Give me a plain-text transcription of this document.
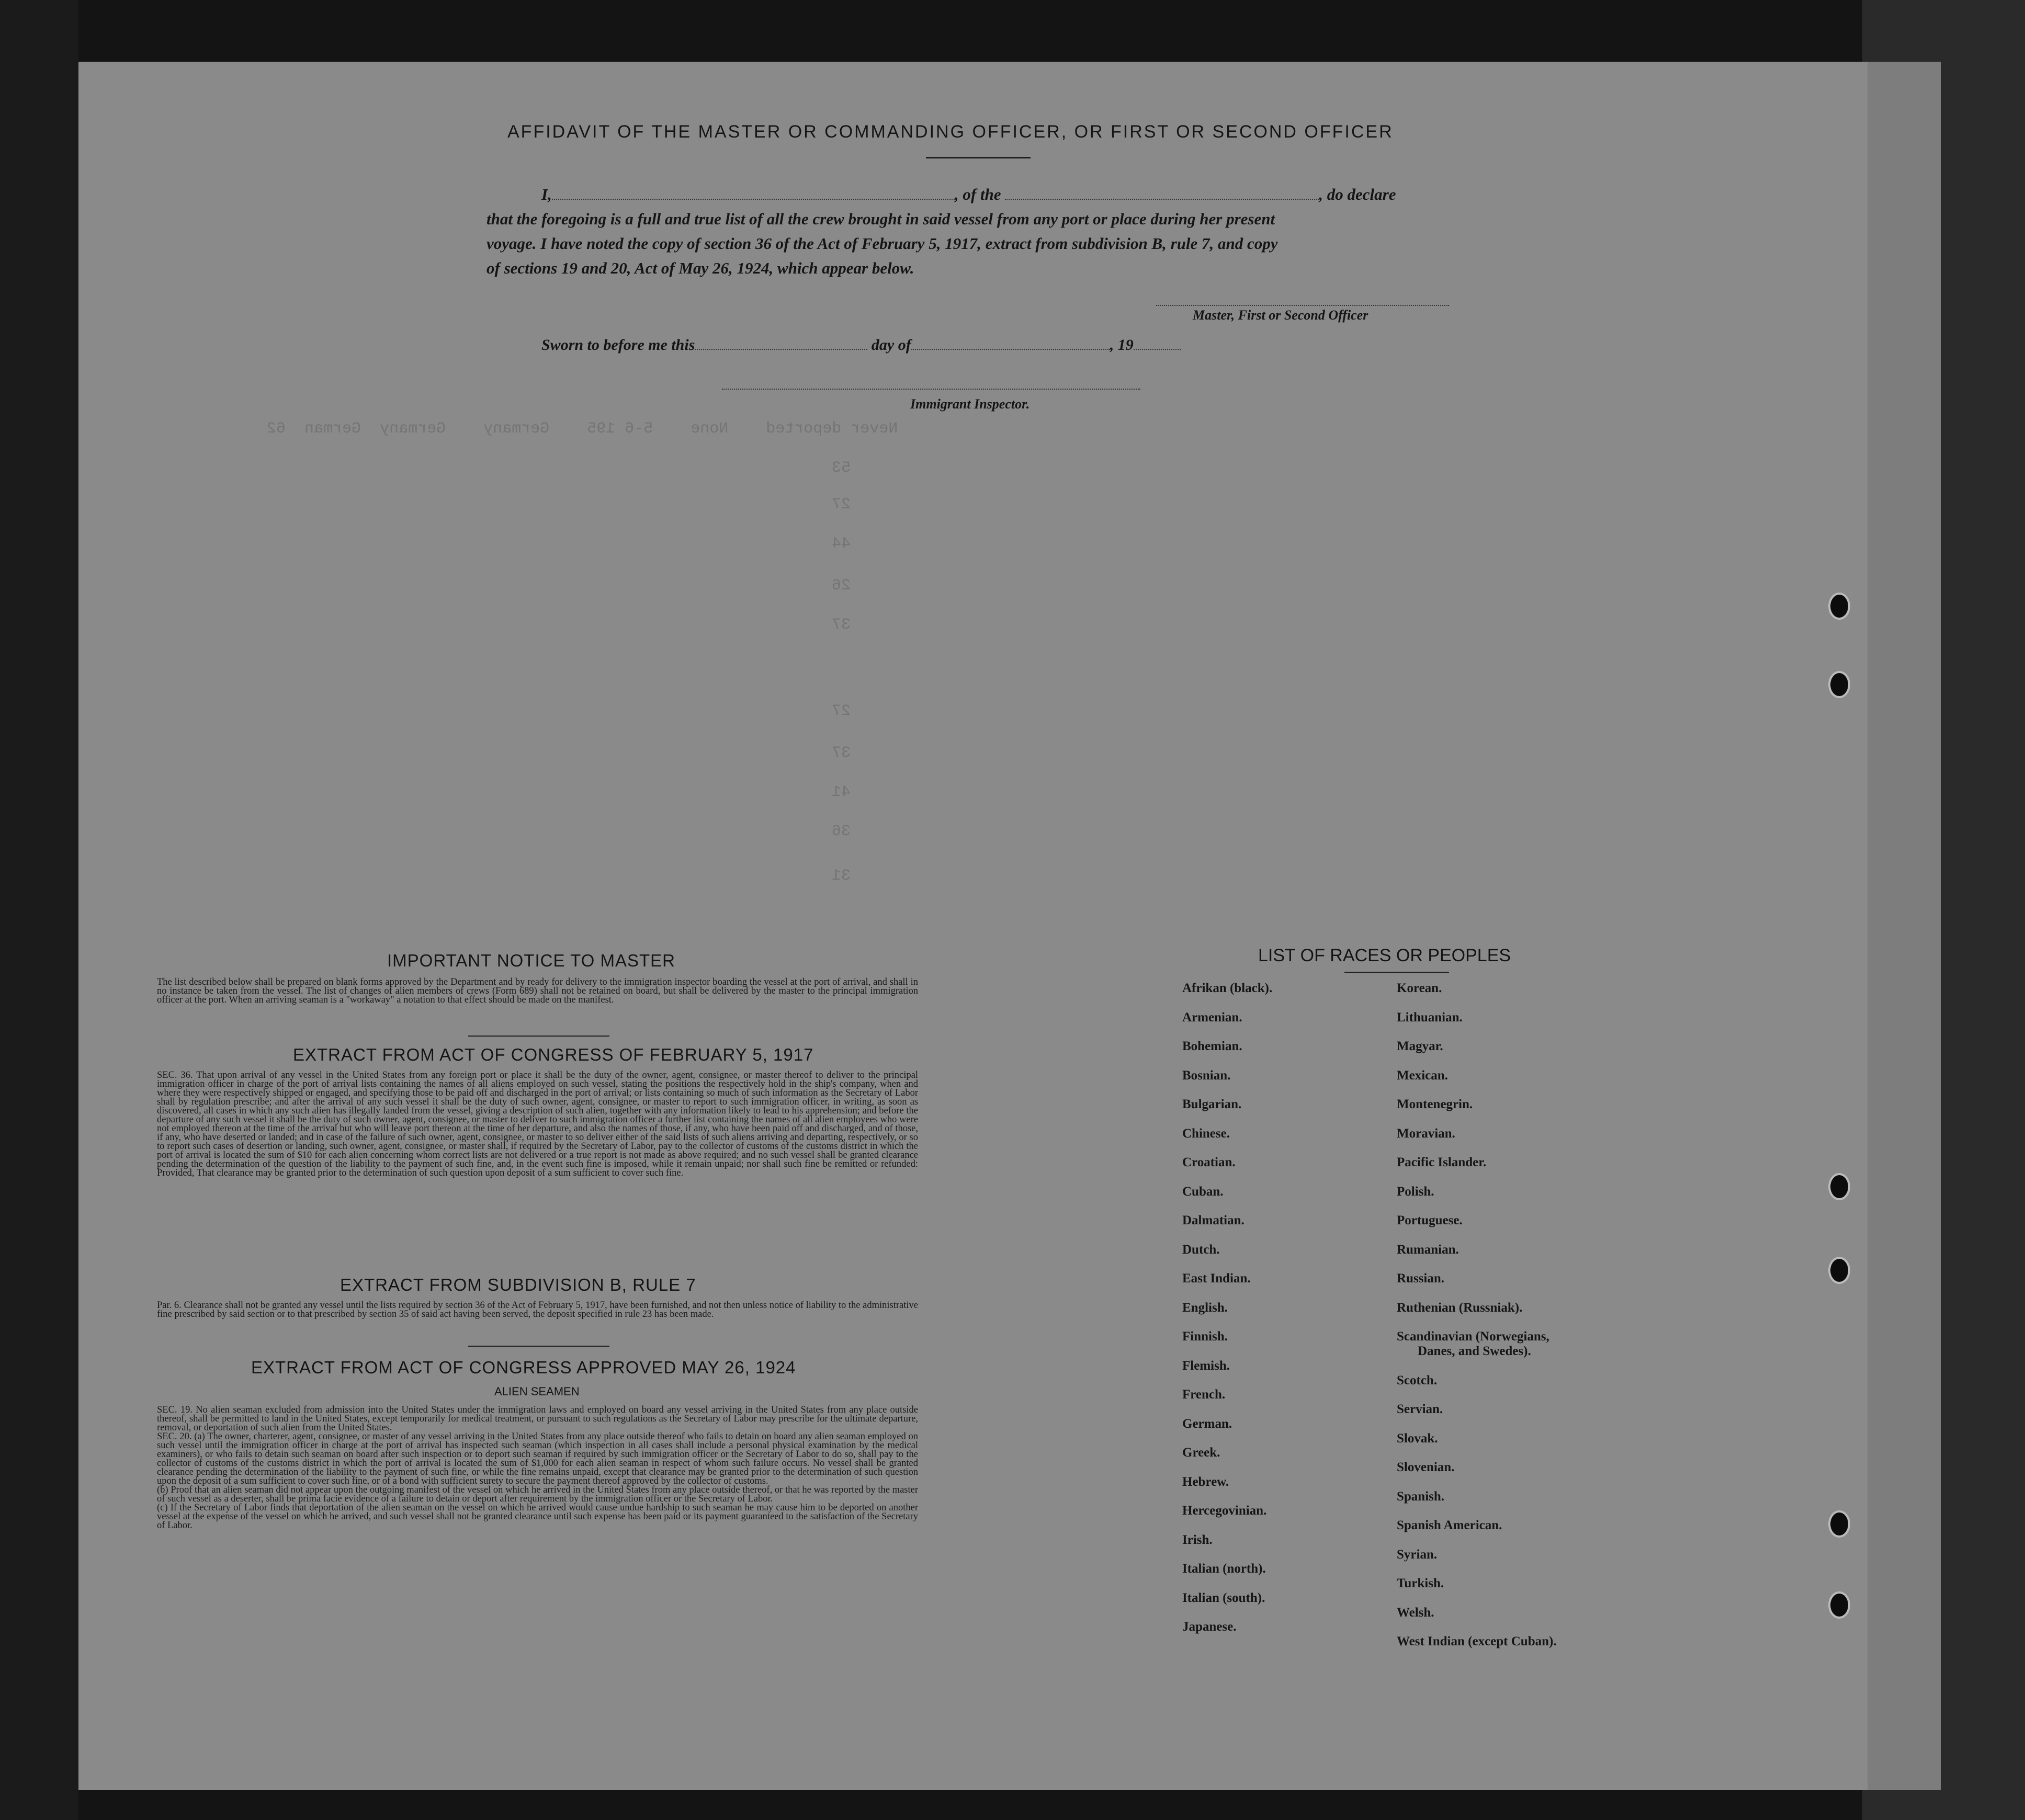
Never deported    None    5-6 195    Germany    Germany  German  62
53
27
44
26
37
27
37
41
36
31
AFFIDAVIT OF THE MASTER OR COMMANDING OFFICER, OR FIRST OR SECOND OFFICER
I,	, of the	, do declare
that the foregoing is a full and true list of all the crew brought in said vessel from any port or place during her present
voyage. I have noted the copy of section 36 of the Act of February 5, 1917, extract from subdivision B, rule 7, and copy
of sections 19 and 20, Act of May 26, 1924, which appear below.
Master, First or Second Officer
Sworn to before me this	day of	, 19
Immigrant Inspector.
IMPORTANT NOTICE TO MASTER
The list described below shall be prepared on blank forms approved by the Department and by ready for delivery to the immigration inspector boarding the vessel at the port of arrival, and shall in no instance be taken from the vessel. The list of changes of alien members of crews (Form 689) shall not be retained on board, but shall be delivered by the master to the principal immigration officer at the port. When an arriving seaman is a "workaway" a notation to that effect should be made on the manifest.
EXTRACT FROM ACT OF CONGRESS OF FEBRUARY 5, 1917
SEC. 36. That upon arrival of any vessel in the United States from any foreign port or place it shall be the duty of the owner, agent, consignee, or master thereof to deliver to the principal immigration officer in charge of the port of arrival lists containing the names of all aliens employed on such vessel, stating the positions the respectively hold in the ship's company, when and where they were respectively shipped or engaged, and specifying those to be paid off and discharged in the port of arrival; or lists containing so much of such information as the Secretary of Labor shall by regulation prescribe; and after the arrival of any such vessel it shall be the duty of such owner, agent, consignee, or master to report to such immigration officer, in writing, as soon as discovered, all cases in which any such alien has illegally landed from the vessel, giving a description of such alien, together with any information likely to lead to his apprehension; and before the departure of any such vessel it shall be the duty of such owner, agent, consignee, or master to deliver to such immigration officer a further list containing the names of all alien employees who were not employed thereon at the time of the arrival but who will leave port thereon at the time of her departure, and also the names of those, if any, who have been paid off and discharged, and of those, if any, who have deserted or landed; and in case of the failure of such owner, agent, consignee, or master to so deliver either of the said lists of such aliens arriving and departing, respectively, or so to report such cases of desertion or landing, such owner, agent, consignee, or master shall, if required by the Secretary of Labor, pay to the collector of customs of the customs district in which the port of arrival is located the sum of $10 for each alien concerning whom correct lists are not delivered or a true report is not made as above required; and no such vessel shall be granted clearance pending the determination of the question of the liability to the payment of such fine, and, in the event such fine is imposed, while it remain unpaid; nor shall such fine be remitted or refunded: Provided, That clearance may be granted prior to the determination of such question upon deposit of a sum sufficient to cover such fine.
EXTRACT FROM SUBDIVISION B, RULE 7
Par. 6. Clearance shall not be granted any vessel until the lists required by section 36 of the Act of February 5, 1917, have been furnished, and not then unless notice of liability to the administrative fine prescribed by said section or to that prescribed by section 35 of said act having been served, the deposit specified in rule 23 has been made.
EXTRACT FROM ACT OF CONGRESS APPROVED MAY 26, 1924
ALIEN SEAMEN
SEC. 19. No alien seaman excluded from admission into the United States under the immigration laws and employed on board any vessel arriving in the United States from any place outside thereof, shall be permitted to land in the United States, except temporarily for medical treatment, or pursuant to such regulations as the Secretary of Labor may prescribe for the ultimate departure, removal, or deportation of such alien from the United States.
SEC. 20. (a) The owner, charterer, agent, consignee, or master of any vessel arriving in the United States from any place outside thereof who fails to detain on board any alien seaman employed on such vessel until the immigration officer in charge at the port of arrival has inspected such seaman (which inspection in all cases shall include a personal physical examination by the medical examiners), or who fails to detain such seaman on board after such inspection or to deport such seaman if required by such immigration officer or the Secretary of Labor to do so, shall pay to the collector of customs of the customs district in which the port of arrival is located the sum of $1,000 for each alien seaman in respect of whom such failure occurs. No vessel shall be granted clearance pending the determination of the liability to the payment of such fine, or while the fine remains unpaid, except that clearance may be granted prior to the determination of such question upon the deposit of a sum sufficient to cover such fine, or of a bond with sufficient surety to secure the payment thereof approved by the collector of customs.
(b) Proof that an alien seaman did not appear upon the outgoing manifest of the vessel on which he arrived in the United States from any place outside thereof, or that he was reported by the master of such vessel as a deserter, shall be prima facie evidence of a failure to detain or deport after requirement by the immigration officer or the Secretary of Labor.
(c) If the Secretary of Labor finds that deportation of the alien seaman on the vessel on which he arrived would cause undue hardship to such seaman he may cause him to be deported on another vessel at the expense of the vessel on which he arrived, and such vessel shall not be granted clearance until such expense has been paid or its payment guaranteed to the satisfaction of the Secretary of Labor.
LIST OF RACES OR PEOPLES
Afrikan (black).
Armenian.
Bohemian.
Bosnian.
Bulgarian.
Chinese.
Croatian.
Cuban.
Dalmatian.
Dutch.
East Indian.
English.
Finnish.
Flemish.
French.
German.
Greek.
Hebrew.
Hercegovinian.
Irish.
Italian (north).
Italian (south).
Japanese.
Korean.
Lithuanian.
Magyar.
Mexican.
Montenegrin.
Moravian.
Pacific Islander.
Polish.
Portuguese.
Rumanian.
Russian.
Ruthenian (Russniak).
Scandinavian (Norwegians,
Danes, and Swedes).
Scotch.
Servian.
Slovak.
Slovenian.
Spanish.
Spanish American.
Syrian.
Turkish.
Welsh.
West Indian (except Cuban).
